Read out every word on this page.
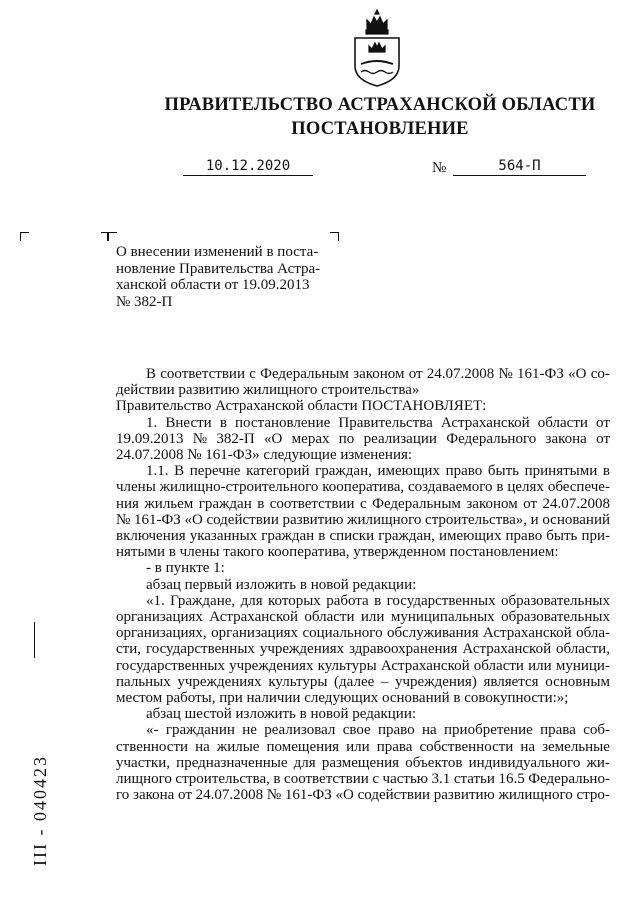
ПРАВИТЕЛЬСТВО АСТРАХАНСКОЙ ОБЛАСТИ
ПОСТАНОВЛЕНИЕ
10.12.2020	№	564-П
О внесении изменений в поста-
новление Правительства Астра-
ханской области от 19.09.2013
№ 382-П
В соответствии с Федеральным законом от 24.07.2008 № 161-ФЗ «О со-
действии развитию жилищного строительства»
Правительство Астраханской области ПОСТАНОВЛЯЕТ:
1. Внести в постановление Правительства Астраханской области от
19.09.2013 № 382-П «О мерах по реализации Федерального закона от
24.07.2008 № 161-ФЗ» следующие изменения:
1.1. В перечне категорий граждан, имеющих право быть принятыми в
члены жилищно-строительного кооператива, создаваемого в целях обеспече-
ния жильем граждан в соответствии с Федеральным законом от 24.07.2008
№ 161-ФЗ «О содействии развитию жилищного строительства», и оснований
включения указанных граждан в списки граждан, имеющих право быть при-
нятыми в члены такого кооператива, утвержденном постановлением:
- в пункте 1:
абзац первый изложить в новой редакции:
«1. Граждане, для которых работа в государственных образовательных
организациях Астраханской области или муниципальных образовательных
организациях, организациях социального обслуживания Астраханской обла-
сти, государственных учреждениях здравоохранения Астраханской области,
государственных учреждениях культуры Астраханской области или муници-
пальных учреждениях культуры (далее – учреждения) является основным
местом работы, при наличии следующих оснований в совокупности:»;
абзац шестой изложить в новой редакции:
«- гражданин не реализовал свое право на приобретение права соб-
ственности на жилые помещения или права собственности на земельные
участки, предназначенные для размещения объектов индивидуального жи-
лищного строительства, в соответствии с частью 3.1 статьи 16.5 Федерально-
го закона от 24.07.2008 № 161-ФЗ «О содействии развитию жилищного стро-
III - 040423
